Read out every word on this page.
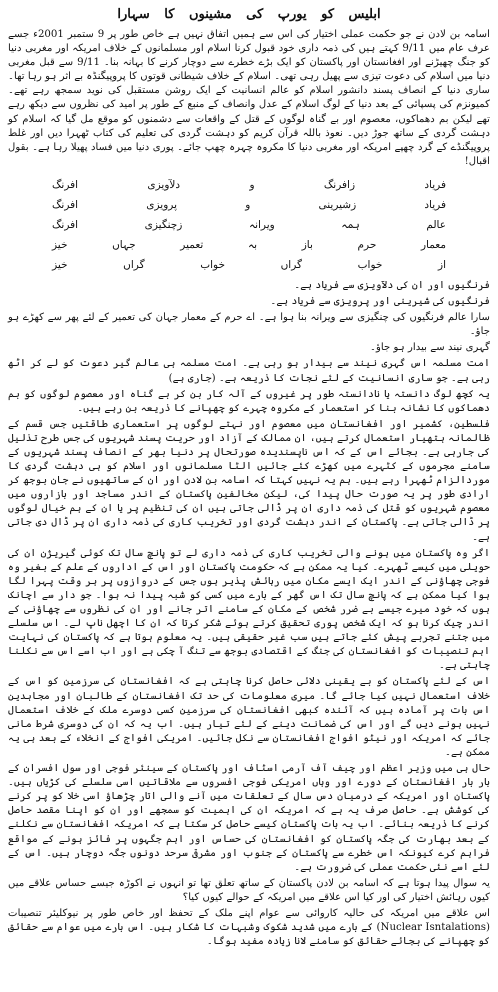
ابلیس کو یورپ کی مشینوں کا سہارا

اسامہ بن لادن نے جو حکمت عملی اختیار کی اس سے ہمیں اتفاق نہیں ہے خاص طور پر 9 ستمبر 2001ء جسے عرف عام میں 9/11 کہتے ہیں کی ذمہ داری خود قبول کرنا اسلام اور مسلمانوں کے خلاف امریکہ اور مغربی دنیا کو جنگ چھیڑنے اور افغانستان اور پاکستان کو ایک بڑے خطرے سے دوچار کرنے کا بہانہ بنا۔ 9/11 سے قبل مغربی دنیا میں اسلام کی دعوت تیزی سے پھیل رہی تھی۔ اسلام کے خلاف شیطانی قوتوں کا پروپیگنڈہ بے اثر ہو رہا تھا۔ ساری دنیا کے انصاف پسند دانشور اسلام کو عالم انسانیت کے ایک روشن مستقبل کی نوید سمجھ رہے تھے۔ کمیونزم کی پسپائی کے بعد دنیا کے لوگ اسلام کے عدل وانصاف کے منبع کے طور پر امید کی نظروں سے دیکھ رہے تھے لیکن بم دھماکوں، معصوم اور بے گناہ لوگوں کے قتل کے واقعات سے دشمنوں کو موقع مل گیا کہ اسلام کو دہشت گردی کے ساتھ جوڑ دیں۔ نعوذ باللہ قرآن کریم کو دہشت گردی کی تعلیم کی کتاب ٹھہرا دیں اور غلط پروپیگنڈے کے گرد چھپے امریکہ اور مغربی دنیا کا مکروہ چہرہ چھپ جائے۔ پوری دنیا میں فساد پھیلا رہا ہے۔ بقول اقبال!

فریاد
زافرنگ
و
دلآویزی
افرنگ
فریاد
زشیرینی
و
پرویزی
افرنگ
عالم
ہمہ
ویرانہ
زچنگیزی
افرنگ
معمار
حرم
باز
بہ
تعمیر
جہاں
خیز
از
خواب
گراں
خواب
گراں
خیز

فرنگیوں اور ان کی دلآویزی سے فریاد ہے۔

فرنگیوں کی شیرینی اور پرویزی سے فریاد ہے۔

سارا عالم فرنگیوں کی چنگیزی سے ویرانہ بنا ہوا ہے۔ اے حرم کے معمار جہان کی تعمیر کے لئے پھر سے کھڑے ہو جاؤ۔

گہری نیند سے بیدار ہو جاؤ۔

امت مسلمہ اس گہری نیند سے بیدار ہو رہی ہے۔ امت مسلمہ ہی عالم گیر دعوت کو لے کر اٹھ رہی ہے۔ جو ساری انسانیت کے لئے نجات کا ذریعہ ہے۔ (جاری ہے)

یہ کچھ لوگ دانستہ یا نادانستہ طور پر غیروں کے آلہ کار بن کر بے گناہ اور معصوم لوگوں کو بم دھماکوں کا نشانہ بنا کر استعمار کے مکروہ چہرے کو چھپانے کا ذریعہ بن رہے ہیں۔

فلسطین، کشمیر اور افغانستان میں معصوم اور نہتے لوگوں پر استعماری طاقتیں جس قسم کے ظالمانہ ہتھیار استعمال کرتے ہیں، ان ممالک کے آزاد اور حریت پسند شہریوں کی جس طرح تذلیل کی جارہی ہے۔ بجائے اس کے کہ اس ناپسندیدہ صورتحال پر دنیا بھر کے انصاف پسند شہریوں کے سامنے مجرموں کے کٹہرے میں کھڑے کئے جائیں الٹا مسلمانوں اور اسلام کو ہی دہشت گردی کا موردالزام ٹھہرا رہے ہیں۔ ہم یہ نہیں کہتا کہ اسامہ بن لادن اور ان کے ساتھیوں نے جان بوجھ کر ارادی طور پر یہ صورت حال پیدا کی، لیکن مخالفین پاکستان کے اندر مساجد اور بازاروں میں معصوم شہریوں کو قتل کی ذمہ داری ان پر ڈالی جاتی ہیں ان کی تنظیم پر یا ان کے ہم خیال لوگوں پر ڈالی جاتی ہے۔ پاکستان کے اندر دہشت گردی اور تخریب کاری کی ذمہ داری ان پر ڈال دی جاتی ہے۔

اگر وہ پاکستان میں ہونے والی تخریب کاری کی ذمہ داری لے تو پانچ سال تک کوئی گیریژن ان کی حویلی میں کیسے ٹھہرے۔ کیا یہ ممکن ہے کہ حکومت پاکستان اور اس کے اداروں کے علم کے بغیر وہ فوجی چھاؤنی کے اندر ایک ایسے مکان میں رہائش پذیر ہوں جس کے دروازوں پر ہر وقت پہرا لگا ہوا کیا ممکن ہے کہ پانچ سال تک اس گھر کے بارے میں کسی کو شبہ پیدا نہ ہوا۔ جو دار سے اچانک ہوں کہ خود میرے جیسے بے ضرر شخص کے مکان کے سامنے اتر جانے اور ان کی نظروں سے چھاؤنی کے اندر چیک کرنا ہو کہ ایک شخص پوری تحقیق کرتے ہوئے شکر کرتا کہ ان کا اچھل ناپ لے۔ اس سلسلے میں جتنے تجربے پیش کئے جاتے ہیں سب غیر حقیقی ہیں۔ یہ معلوم ہوتا ہے کہ پاکستان کی نہایت اہم تنصیبات کو افغانستان کی جنگ کے اقتصادی بوجھ سے تنگ آ چکی ہے اور اب اسے اس سے نکلنا چاہتی ہے۔

اس کے لئے پاکستان کو بے یقینی دلائی حاصل کرنا چاہتی ہے کہ افغانستان کی سرزمین کو اس کے خلاف استعمال نہیں کیا جائے گا۔ میری معلومات کی حد تک افغانستان کے طالبان اور مجاہدین اس بات پر آمادہ ہیں کہ آئندہ کبھی افغانستان کی سرزمین کسی دوسرے ملک کے خلاف استعمال نہیں ہونے دیں گے اور اس کی ضمانت دینے کے لئے تیار ہیں۔ اب یہ کہ ان کی دوسری شرط مانی جائے کہ امریکہ اور نیٹو افواج افغانستان سے نکل جائیں۔ امریکی افواج کے انخلاء کے بعد ہی یہ ممکن ہے۔

حال ہی میں وزیر اعظم اور چیف آف آرمی اسٹاف اور پاکستان کے سینئر فوجی اور سول افسران کے بار بار افغانستان کے دورے اور وہاں امریکی فوجی افسروں سے ملاقاتیں اسی سلسلے کی کڑیاں ہیں۔ پاکستان اور امریکہ کے درمیان دس سال کے تعلقات میں آنے والی اتار چڑھاؤ اسی خلا کو پر کرنے کی کوشش ہے۔ حاصل صرف یہ ہے کہ امریکہ ان کی اہمیت کو سمجھے اور ان کو اپنا مقصد حاصل کرنے کا ذریعہ بنائے۔ اب یہ بات پاکستان کیسے حاصل کر سکتا ہے کہ امریکہ افغانستان سے نکلنے کے بعد بھارت کی جگہ پاکستان کو افغانستان کی حساس اور اہم جگہوں پر فائز ہونے کے مواقع فراہم کرے کیونکہ اس خطرے سے پاکستان کے جنوب اور مشرقی سرحد دونوں جگہ دوچار ہیں۔ اس کے لئے اسے نئی حکمت عملی کی ضرورت ہے۔

یہ سوال پیدا ہوتا ہے کہ اسامہ بن لادن پاکستان کے ساتھ تعلق تھا تو انہوں نے اکوڑہ جیسے حساس علاقے میں کیوں رہائش اختیار کی اور کیا اس علاقے میں امریکہ کے حوالے کیوں کیا؟

اس علاقے میں امریکہ کی حالیہ کاروائی سے عوام اپنے ملک کے تحفظ اور خاص طور پر نیوکلیئر تنصیبات (Nuclear Isntalations) کے بارے میں شدید شکوک وشبہات کا شکار ہیں۔ اس بارے میں عوام سے حقائق کو چھپانے کی بجائے حقائق کو سامنے لانا زیادہ مفید ہوگا۔
